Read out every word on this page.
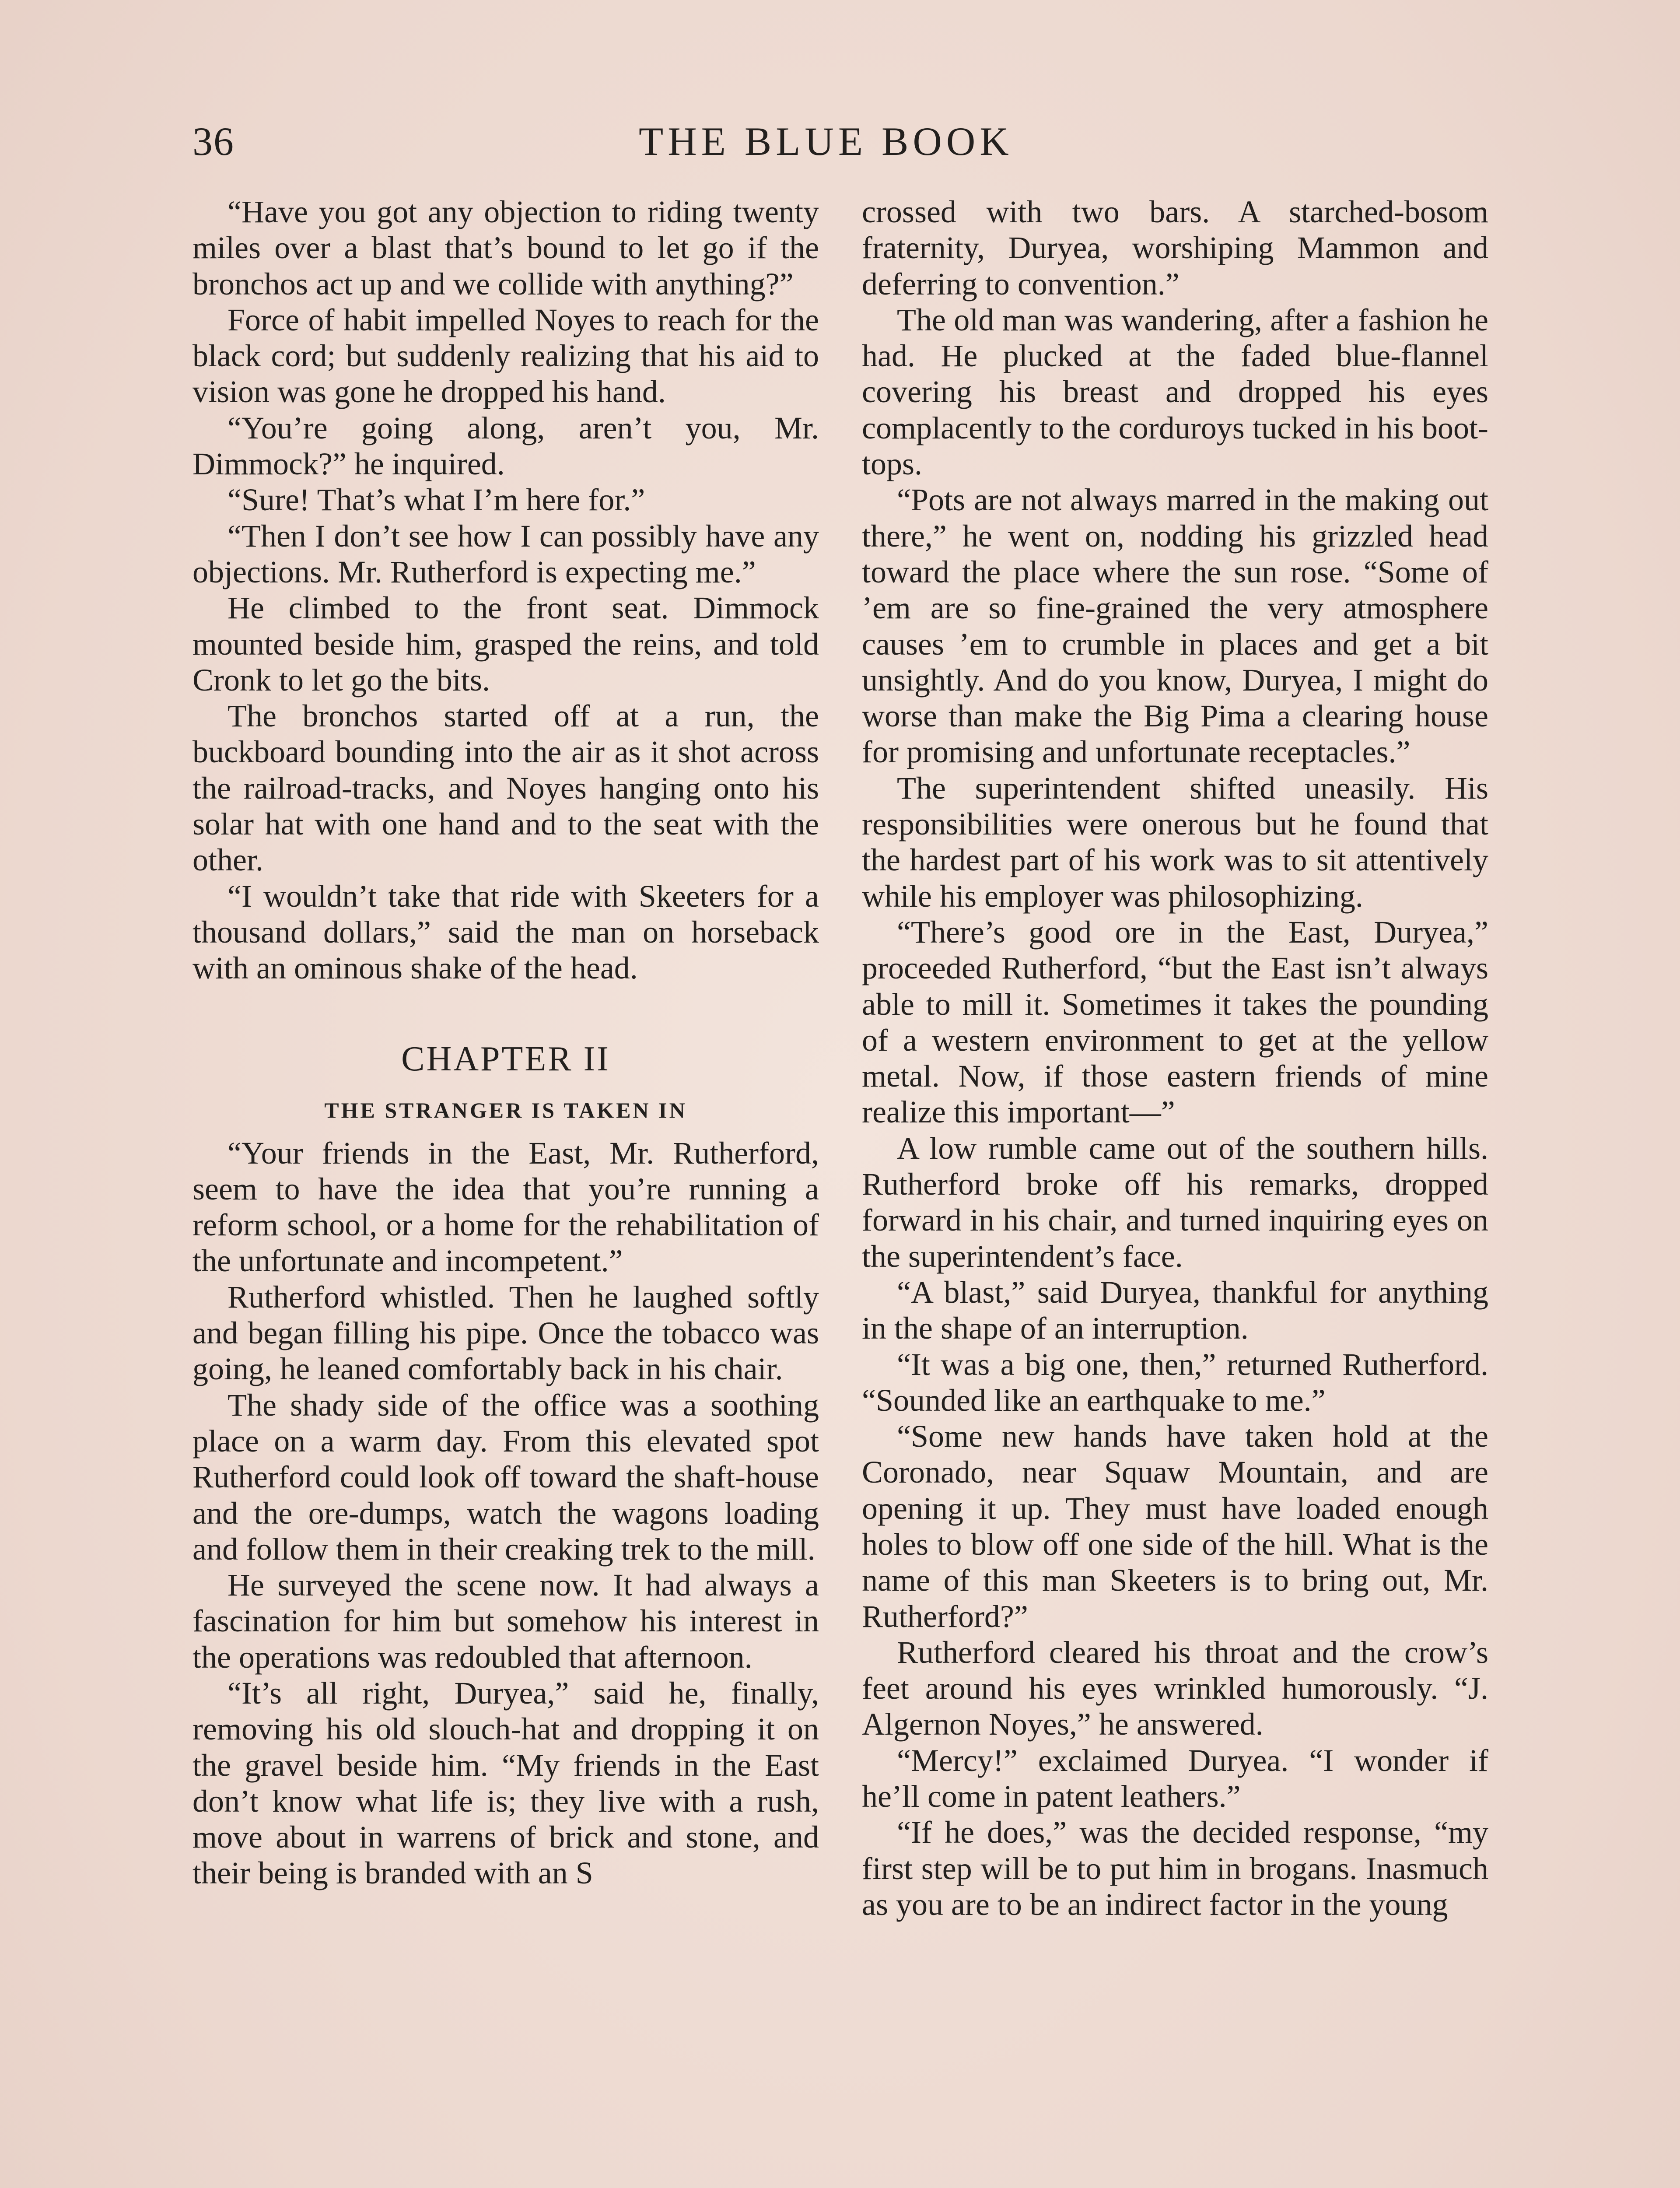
36	THE BLUE BOOK

“Have you got any objection to riding twenty miles over a blast that’s bound to let go if the bronchos act up and we collide with anything?”

Force of habit impelled Noyes to reach for the black cord; but suddenly realizing that his aid to vision was gone he dropped his hand.

“You’re going along, aren’t you, Mr. Dimmock?” he inquired.

“Sure! That’s what I’m here for.”

“Then I don’t see how I can possibly have any objections. Mr. Rutherford is expecting me.”

He climbed to the front seat. Dimmock mounted beside him, grasped the reins, and told Cronk to let go the bits.

The bronchos started off at a run, the buckboard bounding into the air as it shot across the railroad-tracks, and Noyes hanging onto his solar hat with one hand and to the seat with the other.

“I wouldn’t take that ride with Skeeters for a thousand dollars,” said the man on horseback with an ominous shake of the head.

CHAPTER II
THE STRANGER IS TAKEN IN

“Your friends in the East, Mr. Rutherford, seem to have the idea that you’re running a reform school, or a home for the rehabilitation of the unfortunate and incompetent.”

Rutherford whistled. Then he laughed softly and began filling his pipe. Once the tobacco was going, he leaned comfortably back in his chair.

The shady side of the office was a soothing place on a warm day. From this elevated spot Rutherford could look off toward the shaft-house and the ore-dumps, watch the wagons loading and follow them in their creaking trek to the mill.

He surveyed the scene now. It had always a fascination for him but somehow his interest in the operations was redoubled that afternoon.

“It’s all right, Duryea,” said he, finally, removing his old slouch-hat and dropping it on the gravel beside him. “My friends in the East don’t know what life is; they live with a rush, move about in warrens of brick and stone, and their being is branded with an S

crossed with two bars. A starched-bosom fraternity, Duryea, worshiping Mammon and deferring to convention.”

The old man was wandering, after a fashion he had. He plucked at the faded blue-flannel covering his breast and dropped his eyes complacently to the corduroys tucked in his boot-tops.

“Pots are not always marred in the making out there,” he went on, nodding his grizzled head toward the place where the sun rose. “Some of ’em are so fine-grained the very atmosphere causes ’em to crumble in places and get a bit unsightly. And do you know, Duryea, I might do worse than make the Big Pima a clearing house for promising and unfortunate receptacles.”

The superintendent shifted uneasily. His responsibilities were onerous but he found that the hardest part of his work was to sit attentively while his employer was philosophizing.

“There’s good ore in the East, Duryea,” proceeded Rutherford, “but the East isn’t always able to mill it. Sometimes it takes the pounding of a western environment to get at the yellow metal. Now, if those eastern friends of mine realize this important—”

A low rumble came out of the southern hills. Rutherford broke off his remarks, dropped forward in his chair, and turned inquiring eyes on the superintendent’s face.

“A blast,” said Duryea, thankful for anything in the shape of an interruption.

“It was a big one, then,” returned Rutherford. “Sounded like an earthquake to me.”

“Some new hands have taken hold at the Coronado, near Squaw Mountain, and are opening it up. They must have loaded enough holes to blow off one side of the hill. What is the name of this man Skeeters is to bring out, Mr. Rutherford?”

Rutherford cleared his throat and the crow’s feet around his eyes wrinkled humorously. “J. Algernon Noyes,” he answered.

“Mercy!” exclaimed Duryea. “I wonder if he’ll come in patent leathers.”

“If he does,” was the decided response, “my first step will be to put him in brogans. Inasmuch as you are to be an indirect factor in the young
